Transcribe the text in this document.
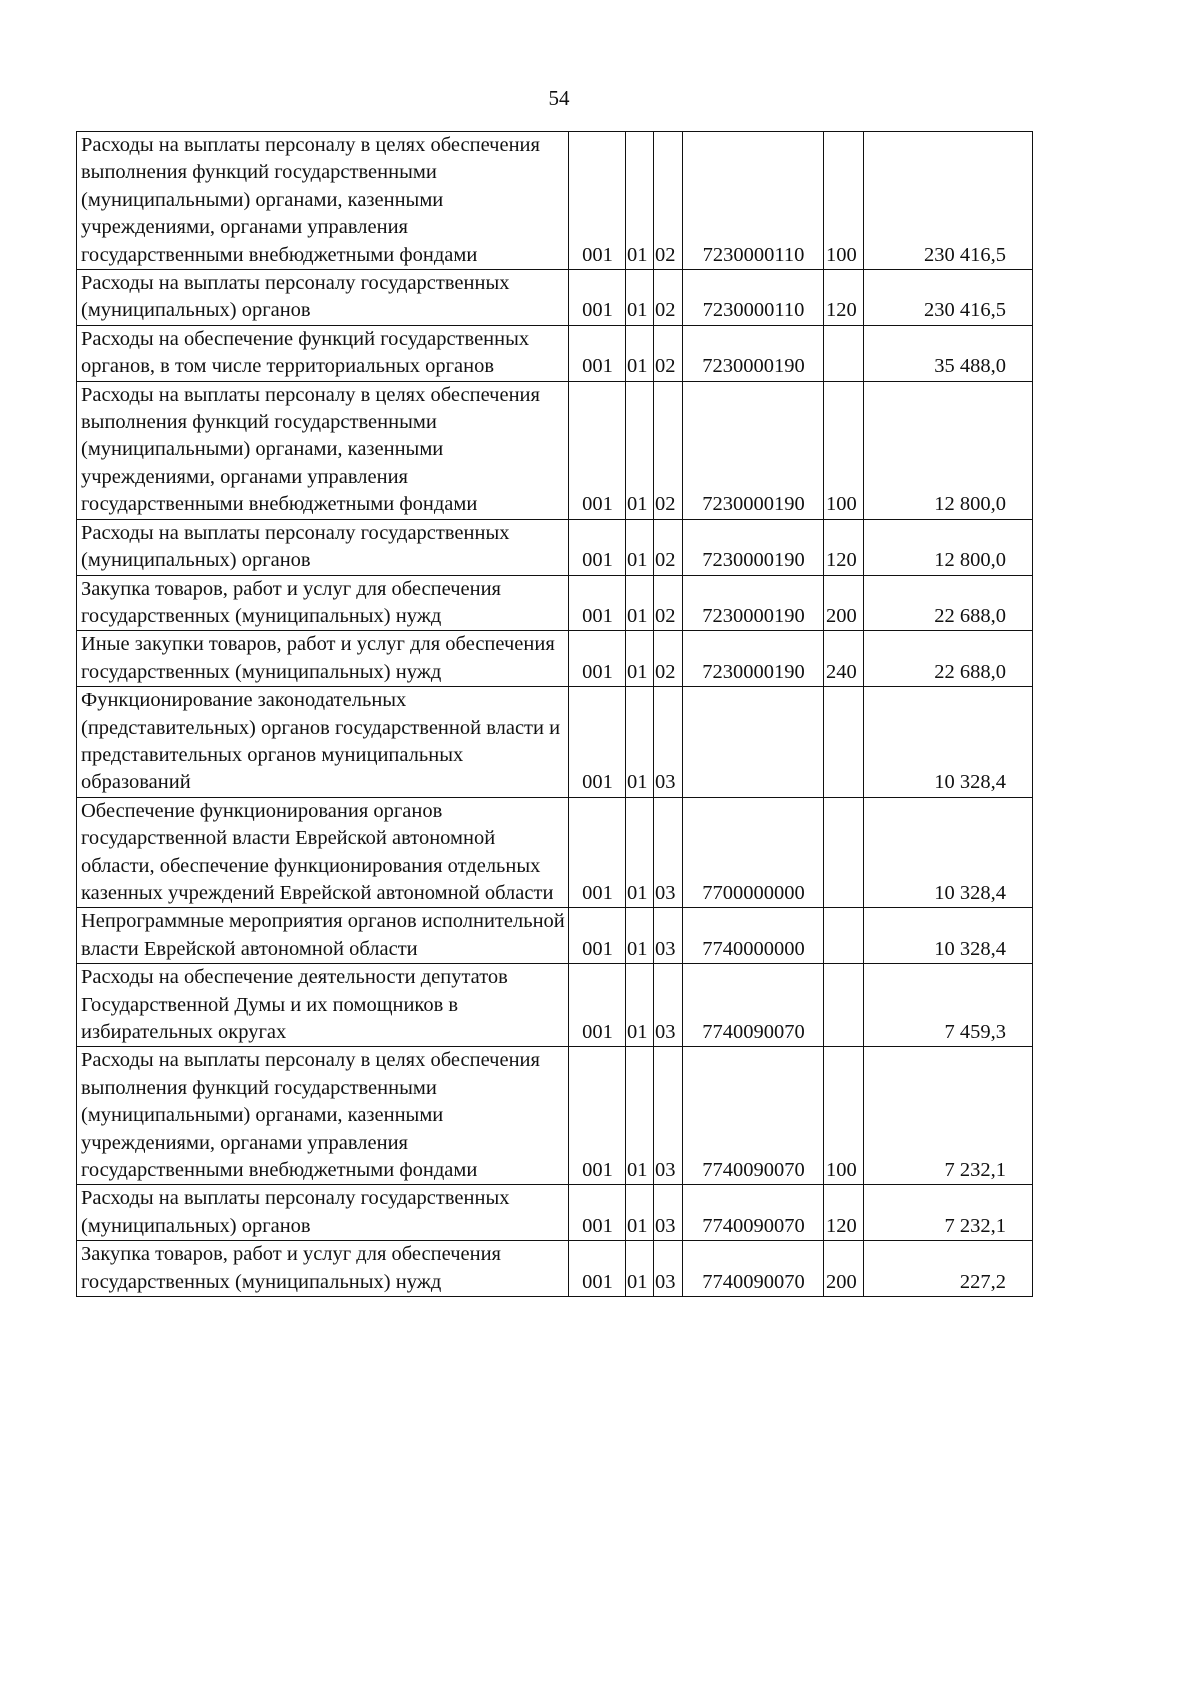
54
Расходы на выплаты персоналу в целях обеспечения выполнения функций государственными (муниципальными) органами, казенными учреждениями, органами управления государственными внебюджетными фондами	001	01	02	7230000110	100	230 416,5

Расходы на выплаты персоналу государственных (муниципальных) органов	001	01	02	7230000110	120	230 416,5

Расходы на обеспечение функций государственных органов, в том числе территориальных органов	001	01	02	7230000190		35 488,0

Расходы на выплаты персоналу в целях обеспечения выполнения функций государственными (муниципальными) органами, казенными учреждениями, органами управления государственными внебюджетными фондами	001	01	02	7230000190	100	12 800,0

Расходы на выплаты персоналу государственных (муниципальных) органов	001	01	02	7230000190	120	12 800,0

Закупка товаров, работ и услуг для обеспечения государственных (муниципальных) нужд	001	01	02	7230000190	200	22 688,0

Иные закупки товаров, работ и услуг для обеспечения государственных (муниципальных) нужд	001	01	02	7230000190	240	22 688,0

Функционирование законодательных (представительных) органов государственной власти и представительных органов муниципальных образований	001	01	03			10 328,4

Обеспечение функционирования органов государственной власти Еврейской автономной области, обеспечение функционирования отдельных казенных учреждений Еврейской автономной области	001	01	03	7700000000		10 328,4

Непрограммные мероприятия органов исполнительной власти Еврейской автономной области	001	01	03	7740000000		10 328,4

Расходы на обеспечение деятельности депутатов Государственной Думы и их помощников в избирательных округах	001	01	03	7740090070		7 459,3

Расходы на выплаты персоналу в целях обеспечения выполнения функций государственными (муниципальными) органами, казенными учреждениями, органами управления государственными внебюджетными фондами	001	01	03	7740090070	100	7 232,1

Расходы на выплаты персоналу государственных (муниципальных) органов	001	01	03	7740090070	120	7 232,1

Закупка товаров, работ и услуг для обеспечения государственных (муниципальных) нужд	001	01	03	7740090070	200	227,2
